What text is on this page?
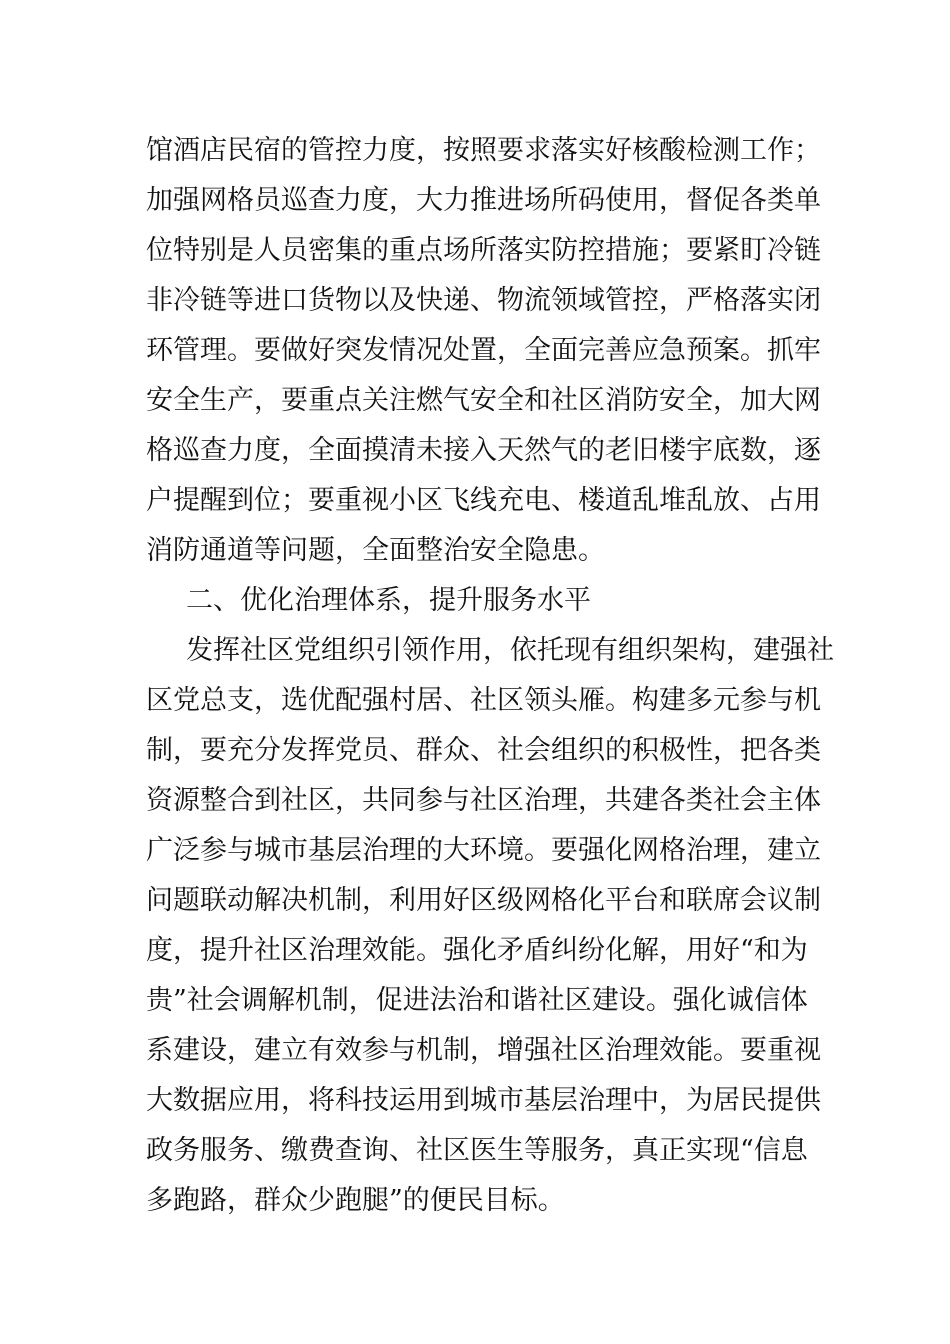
馆酒店民宿的管控力度，按照要求落实好核酸检测工作；
加强网格员巡查力度，大力推进场所码使用，督促各类单
位特别是人员密集的重点场所落实防控措施；要紧盯冷链
非冷链等进口货物以及快递、物流领域管控，严格落实闭
环管理。要做好突发情况处置，全面完善应急预案。抓牢
安全生产，要重点关注燃气安全和社区消防安全，加大网
格巡查力度，全面摸清未接入天然气的老旧楼宇底数，逐
户提醒到位；要重视小区飞线充电、楼道乱堆乱放、占用
消防通道等问题，全面整治安全隐患。
二、优化治理体系，提升服务水平
发挥社区党组织引领作用，依托现有组织架构，建强社
区党总支，选优配强村居、社区领头雁。构建多元参与机
制，要充分发挥党员、群众、社会组织的积极性，把各类
资源整合到社区，共同参与社区治理，共建各类社会主体
广泛参与城市基层治理的大环境。要强化网格治理，建立
问题联动解决机制，利用好区级网格化平台和联席会议制
度，提升社区治理效能。强化矛盾纠纷化解，用好“和为
贵”社会调解机制，促进法治和谐社区建设。强化诚信体
系建设，建立有效参与机制，增强社区治理效能。要重视
大数据应用，将科技运用到城市基层治理中，为居民提供
政务服务、缴费查询、社区医生等服务，真正实现“信息
多跑路，群众少跑腿”的便民目标。
